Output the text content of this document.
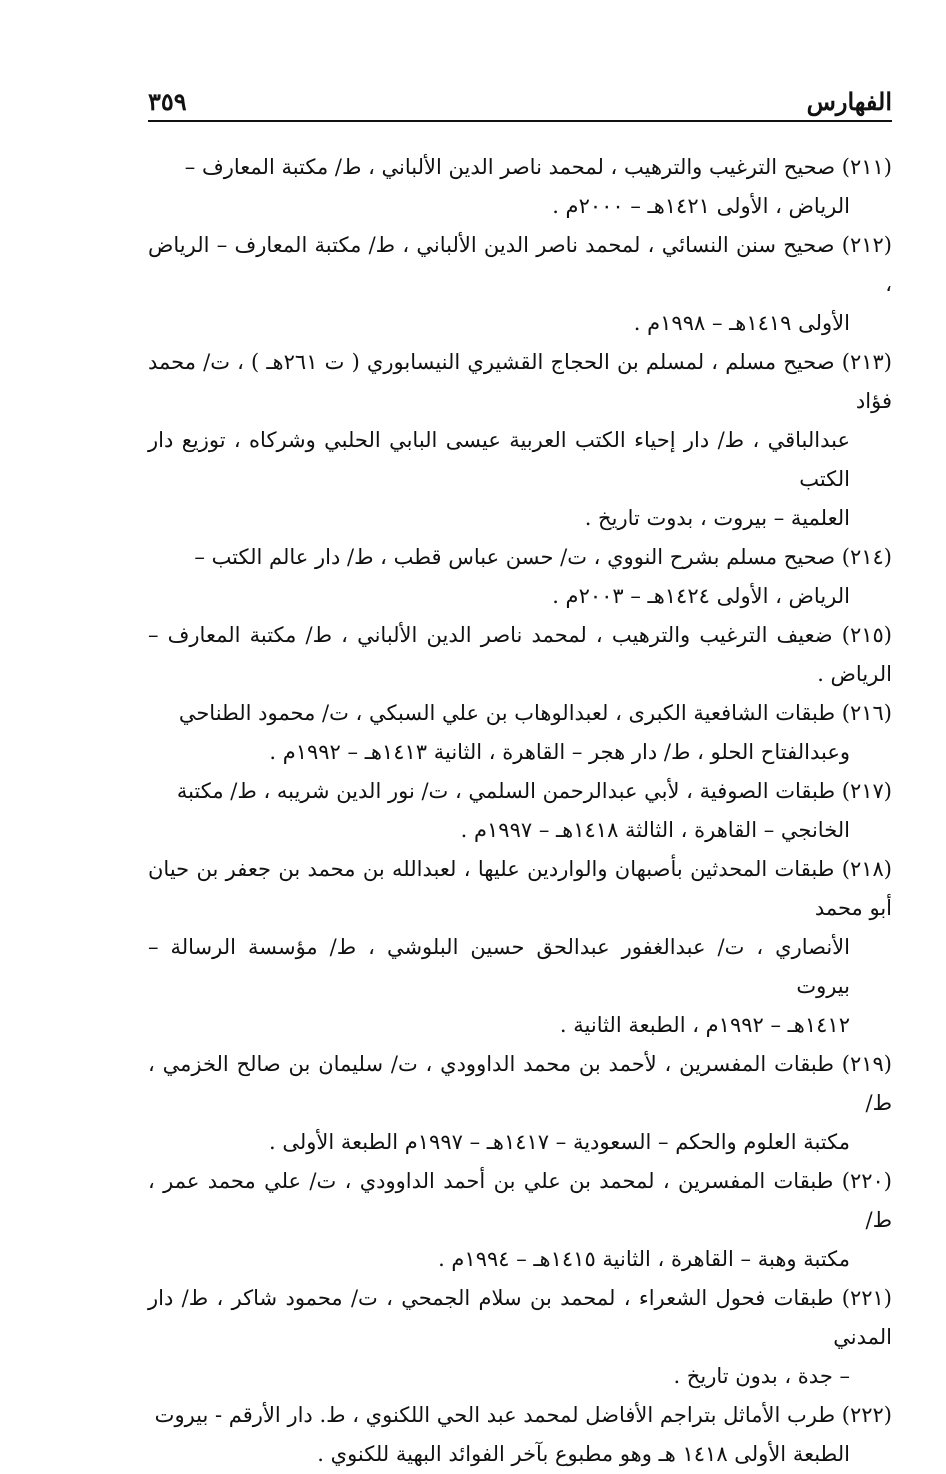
الفهارس
٣٥٩
(٢١١) صحيح الترغيب والترهيب ، لمحمد ناصر الدين الألباني ، ط/ مكتبة المعارف –
الرياض ، الأولى ١٤٢١هـ – ٢٠٠٠م .
(٢١٢) صحيح سنن النسائي ، لمحمد ناصر الدين الألباني ، ط/ مكتبة المعارف – الرياض ،
الأولى ١٤١٩هـ – ١٩٩٨م .
(٢١٣) صحيح مسلم ، لمسلم بن الحجاج القشيري النيسابوري ( ت ٢٦١هـ ) ، ت/ محمد فؤاد
عبدالباقي ، ط/ دار إحياء الكتب العربية عيسى البابي الحلبي وشركاه ، توزيع دار الكتب
العلمية – بيروت ، بدوت تاريخ .
(٢١٤) صحيح مسلم بشرح النووي ، ت/ حسن عباس قطب ، ط/ دار عالم الكتب –
الرياض ، الأولى ١٤٢٤هـ – ٢٠٠٣م .
(٢١٥) ضعيف الترغيب والترهيب ، لمحمد ناصر الدين الألباني ، ط/ مكتبة المعارف – الرياض .
(٢١٦) طبقات الشافعية الكبرى ، لعبدالوهاب بن علي السبكي ، ت/ محمود الطناحي
وعبدالفتاح الحلو ، ط/ دار هجر – القاهرة ، الثانية ١٤١٣هـ – ١٩٩٢م .
(٢١٧) طبقات الصوفية ، لأبي عبدالرحمن السلمي ، ت/ نور الدين شريبه ، ط/ مكتبة
الخانجي – القاهرة ، الثالثة ١٤١٨هـ – ١٩٩٧م .
(٢١٨) طبقات المحدثين بأصبهان والواردين عليها ، لعبدالله بن محمد بن جعفر بن حيان أبو محمد
الأنصاري ، ت/ عبدالغفور عبدالحق حسين البلوشي ، ط/ مؤسسة الرسالة – بيروت
١٤١٢هـ – ١٩٩٢م ، الطبعة الثانية .
(٢١٩) طبقات المفسرين ، لأحمد بن محمد الداوودي ، ت/ سليمان بن صالح الخزمي ، ط/
مكتبة العلوم والحكم – السعودية – ١٤١٧هـ – ١٩٩٧م الطبعة الأولى .
(٢٢٠) طبقات المفسرين ، لمحمد بن علي بن أحمد الداوودي ، ت/ علي محمد عمر ، ط/
مكتبة وهبة – القاهرة ، الثانية ١٤١٥هـ – ١٩٩٤م .
(٢٢١) طبقات فحول الشعراء ، لمحمد بن سلام الجمحي ، ت/ محمود شاكر ، ط/ دار المدني
– جدة ، بدون تاريخ .
(٢٢٢) طرب الأماثل بتراجم الأفاضل لمحمد عبد الحي اللكنوي ، ط. دار الأرقم - بيروت
الطبعة الأولى ١٤١٨ هـ وهو مطبوع بآخر الفوائد البهية للكنوي .
